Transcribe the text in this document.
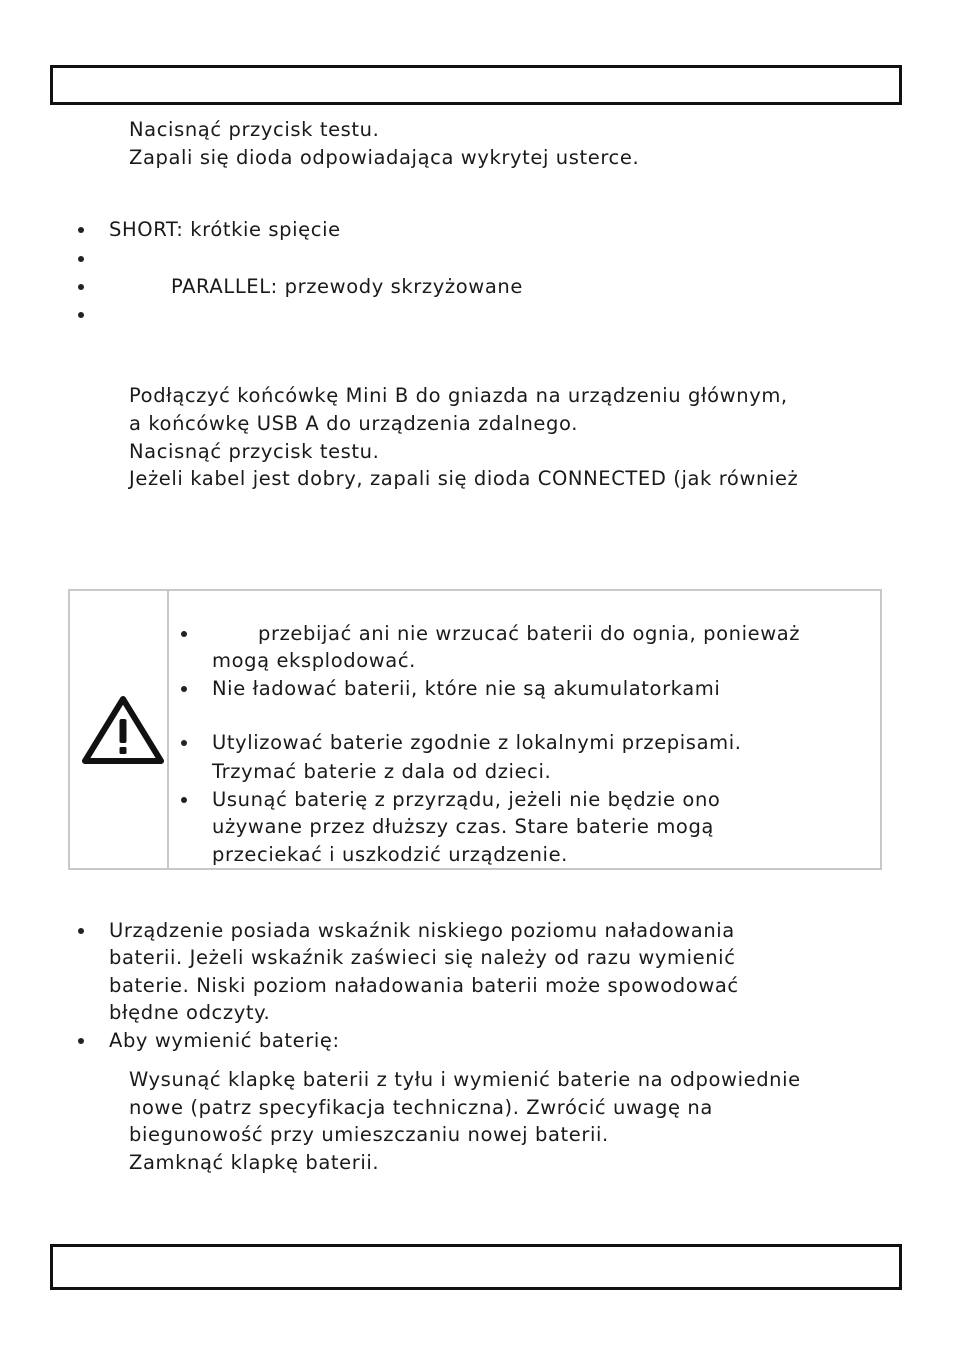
Nacisnąć przycisk testu.
Zapali się dioda odpowiadająca wykrytej usterce.
SHORT: krótkie spięcie
PARALLEL: przewody skrzyżowane
Podłączyć końcówkę Mini B do gniazda na urządzeniu głównym,
a końcówkę USB A do urządzenia zdalnego.
Nacisnąć przycisk testu.
Jeżeli kabel jest dobry, zapali się dioda CONNECTED (jak również
przebijać ani nie wrzucać baterii do ognia, ponieważ
mogą eksplodować.
Nie ładować baterii, które nie są akumulatorkami
Utylizować baterie zgodnie z lokalnymi przepisami.
Trzymać baterie z dala od dzieci.
Usunąć baterię z przyrządu, jeżeli nie będzie ono
używane przez dłuższy czas. Stare baterie mogą
przeciekać i uszkodzić urządzenie.
Urządzenie posiada wskaźnik niskiego poziomu naładowania
baterii. Jeżeli wskaźnik zaświeci się należy od razu wymienić
baterie. Niski poziom naładowania baterii może spowodować
błędne odczyty.
Aby wymienić baterię:
Wysunąć klapkę baterii z tyłu i wymienić baterie na odpowiednie
nowe (patrz specyfikacja techniczna). Zwrócić uwagę na
biegunowość przy umieszczaniu nowej baterii.
Zamknąć klapkę baterii.
